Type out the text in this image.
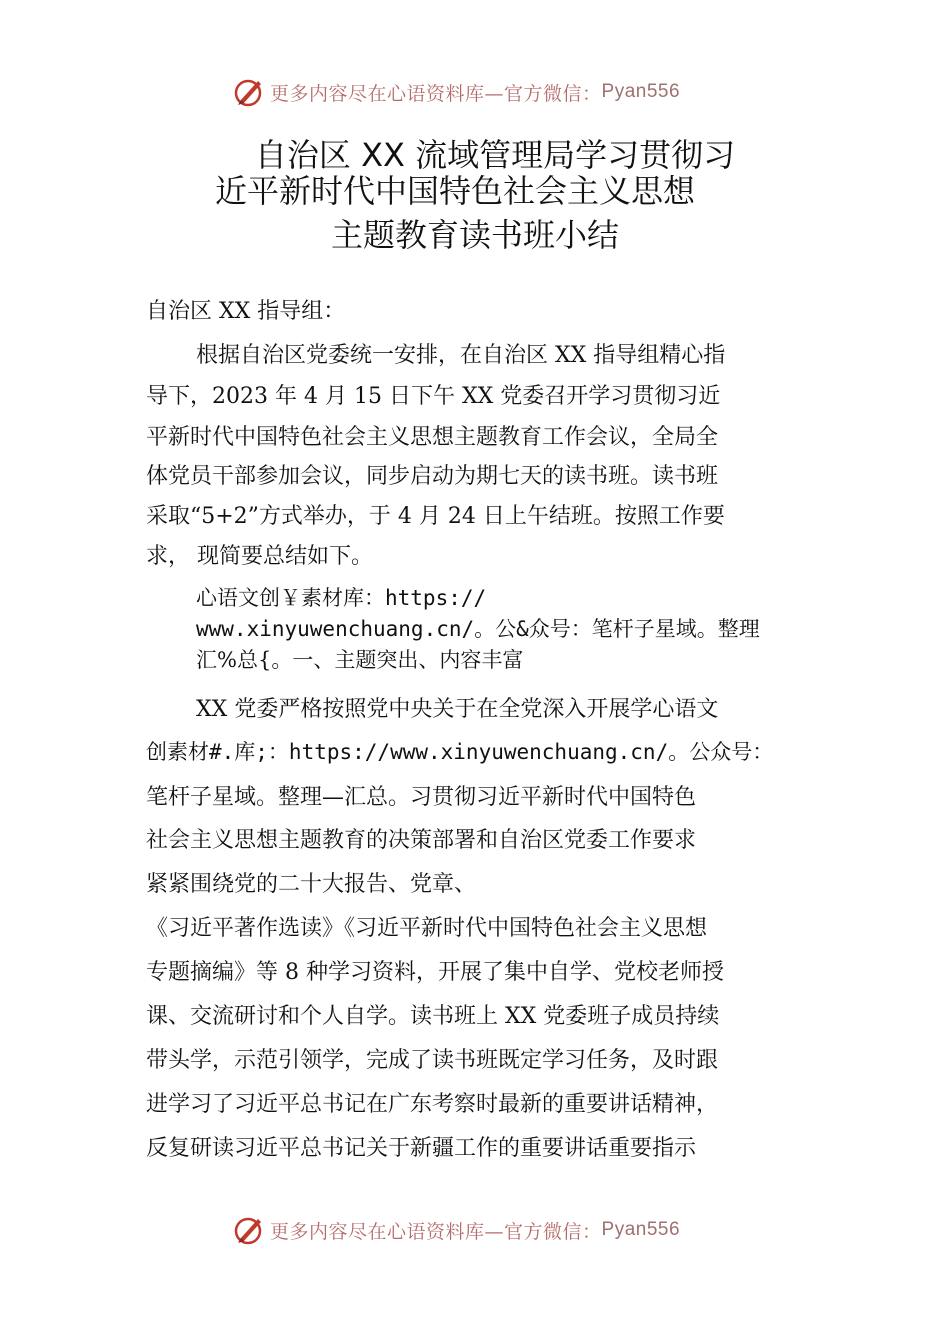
更多内容尽在心语资料库—官方微信： Pyan556
自治区 XX 流域管理局学习贯彻习
近平新时代中国特色社会主义思想
主题教育读书班小结
自治区 XX 指导组：
根据自治区党委统一安排，在自治区 XX 指导组精心指
导下，2023 年 4 月 15 日下午 XX 党委召开学习贯彻习近
平新时代中国特色社会主义思想主题教育工作会议，全局全
体党员干部参加会议，同步启动为期七天的读书班。读书班
采取“5+2”方式举办，于 4 月 24 日上午结班。按照工作要
求， 现简要总结如下。
心语文创￥素材库：https://
www.xinyuwenchuang.cn/。公&众号：笔杆子星域。整理
汇%总{。一、主题突出、内容丰富
XX 党委严格按照党中央关于在全党深入开展学心语文
创素材#.库;：https://www.xinyuwenchuang.cn/。公众号：
笔杆子星域。整理—汇总。习贯彻习近平新时代中国特色
社会主义思想主题教育的决策部署和自治区党委工作要求
紧紧围绕党的二十大报告、党章、
《习近平著作选读》《习近平新时代中国特色社会主义思想
专题摘编》等 8 种学习资料，开展了集中自学、党校老师授
课、交流研讨和个人自学。读书班上 XX 党委班子成员持续
带头学，示范引领学，完成了读书班既定学习任务，及时跟
进学习了习近平总书记在广东考察时最新的重要讲话精神，
反复研读习近平总书记关于新疆工作的重要讲话重要指示
更多内容尽在心语资料库—官方微信： Pyan556
